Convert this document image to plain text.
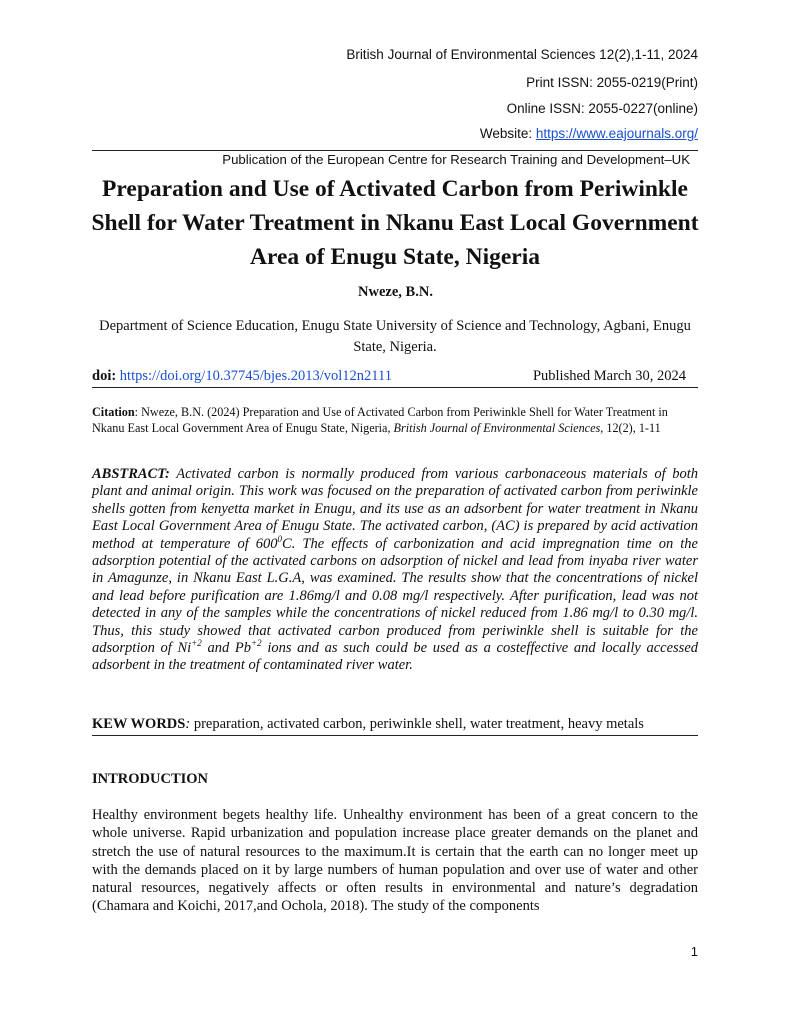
British Journal of Environmental Sciences 12(2),1-11, 2024
Print ISSN: 2055-0219(Print)
Online ISSN: 2055-0227(online)
Website: https://www.eajournals.org/
Publication of the European Centre for Research Training and Development–UK
Preparation and Use of Activated Carbon from Periwinkle Shell for Water Treatment in Nkanu East Local Government Area of Enugu State, Nigeria
Nweze, B.N.
Department of Science Education, Enugu State University of Science and Technology, Agbani, Enugu State, Nigeria.
doi: https://doi.org/10.37745/bjes.2013/vol12n2111	Published March 30, 2024
Citation: Nweze, B.N. (2024) Preparation and Use of Activated Carbon from Periwinkle Shell for Water Treatment in Nkanu East Local Government Area of Enugu State, Nigeria, British Journal of Environmental Sciences, 12(2), 1-11
ABSTRACT: Activated carbon is normally produced from various carbonaceous materials of both plant and animal origin. This work was focused on the preparation of activated carbon from periwinkle shells gotten from kenyetta market in Enugu, and its use as an adsorbent for water treatment in Nkanu East Local Government Area of Enugu State. The activated carbon, (AC) is prepared by acid activation method at temperature of $600^0C$. The effects of carbonization and acid impregnation time on the adsorption potential of the activated carbons on adsorption of nickel and lead from inyaba river water in Amagunze, in Nkanu East L.G.A, was examined. The results show that the concentrations of nickel and lead before purification are 1.86mg/l and 0.08 mg/l respectively. After purification, lead was not detected in any of the samples while the concentrations of nickel reduced from 1.86 mg/l to 0.30 mg/l. Thus, this study showed that activated carbon produced from periwinkle shell is suitable for the adsorption of $Ni^{+2}$ and $Pb^{+2}$ ions and as such could be used as a costeffective and locally accessed adsorbent in the treatment of contaminated river water.
KEW WORDS: preparation, activated carbon, periwinkle shell, water treatment, heavy metals
INTRODUCTION
Healthy environment begets healthy life. Unhealthy environment has been of a great concern to the whole universe. Rapid urbanization and population increase place greater demands on the planet and stretch the use of natural resources to the maximum.It is certain that the earth can no longer meet up with the demands placed on it by large numbers of human population and over use of water and other natural resources, negatively affects or often results in environmental and nature’s degradation (Chamara and Koichi, 2017,and Ochola, 2018). The study of the components
1
